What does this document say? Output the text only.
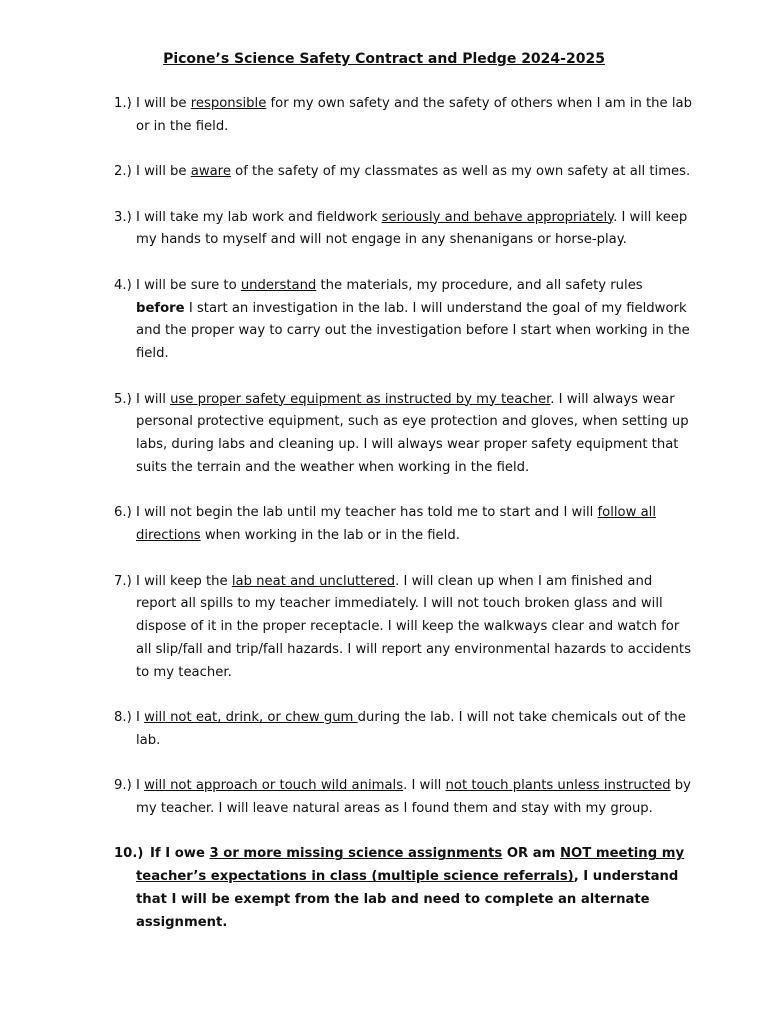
Picone’s Science Safety Contract and Pledge 2024-2025
1.) I will be responsible for my own safety and the safety of others when I am in the lab or in the field.
2.) I will be aware of the safety of my classmates as well as my own safety at all times.
3.) I will take my lab work and fieldwork seriously and behave appropriately. I will keep my hands to myself and will not engage in any shenanigans or horse-play.
4.) I will be sure to understand the materials, my procedure, and all safety rules before I start an investigation in the lab. I will understand the goal of my fieldwork and the proper way to carry out the investigation before I start when working in the field.
5.) I will use proper safety equipment as instructed by my teacher. I will always wear personal protective equipment, such as eye protection and gloves, when setting up labs, during labs and cleaning up. I will always wear proper safety equipment that suits the terrain and the weather when working in the field.
6.) I will not begin the lab until my teacher has told me to start and I will follow all directions when working in the lab or in the field.
7.) I will keep the lab neat and uncluttered. I will clean up when I am finished and report all spills to my teacher immediately. I will not touch broken glass and will dispose of it in the proper receptacle. I will keep the walkways clear and watch for all slip/fall and trip/fall hazards. I will report any environmental hazards to accidents to my teacher.
8.) I will not eat, drink, or chew gum during the lab. I will not take chemicals out of the lab.
9.) I will not approach or touch wild animals. I will not touch plants unless instructed by my teacher. I will leave natural areas as I found them and stay with my group.
10.) If I owe 3 or more missing science assignments OR am NOT meeting my teacher’s expectations in class (multiple science referrals), I understand that I will be exempt from the lab and need to complete an alternate assignment.
